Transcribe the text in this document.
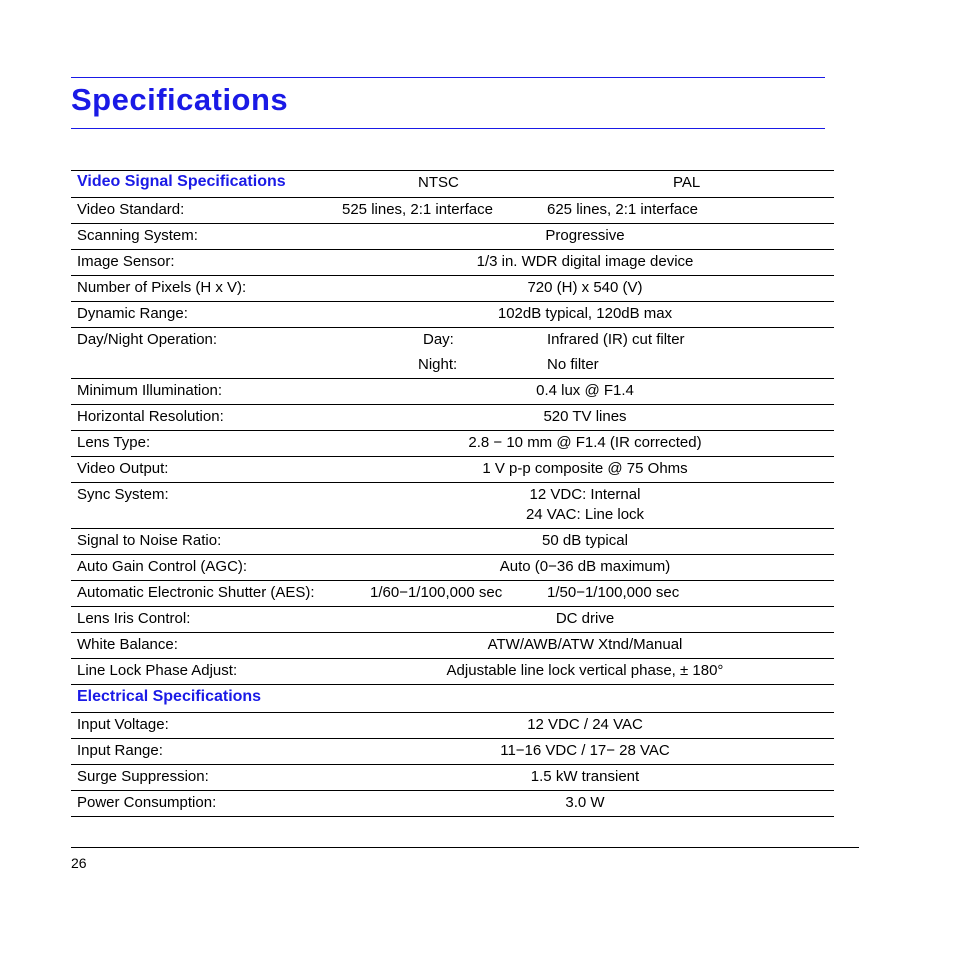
Specifications
Video Signal Specifications	NTSC	PAL
Video Standard:	525 lines, 2:1 interface	625 lines, 2:1 interface
Scanning System:	Progressive
Image Sensor:	1/3 in. WDR digital image device
Number of Pixels (H x V):	720 (H) x 540 (V)
Dynamic Range:	102dB typical, 120dB max
Day/Night Operation:	Day:	Infrared (IR) cut filter
Night:	No filter
Minimum Illumination:	0.4 lux @ F1.4
Horizontal Resolution:	520 TV lines
Lens Type:	2.8 − 10 mm @ F1.4 (IR corrected)
Video Output:	1 V p-p composite @ 75 Ohms
Sync System:	12 VDC: Internal
24 VAC: Line lock
Signal to Noise Ratio:	50 dB typical
Auto Gain Control (AGC):	Auto (0−36 dB maximum)
Automatic Electronic Shutter (AES):	1/60−1/100,000 sec	1/50−1/100,000 sec
Lens Iris Control:	DC drive
White Balance:	ATW/AWB/ATW Xtnd/Manual
Line Lock Phase Adjust:	Adjustable line lock vertical phase, ± 180°
Electrical Specifications
Input Voltage:	12 VDC / 24 VAC
Input Range:	11−16 VDC / 17− 28 VAC
Surge Suppression:	1.5 kW transient
Power Consumption:	3.0 W
26
